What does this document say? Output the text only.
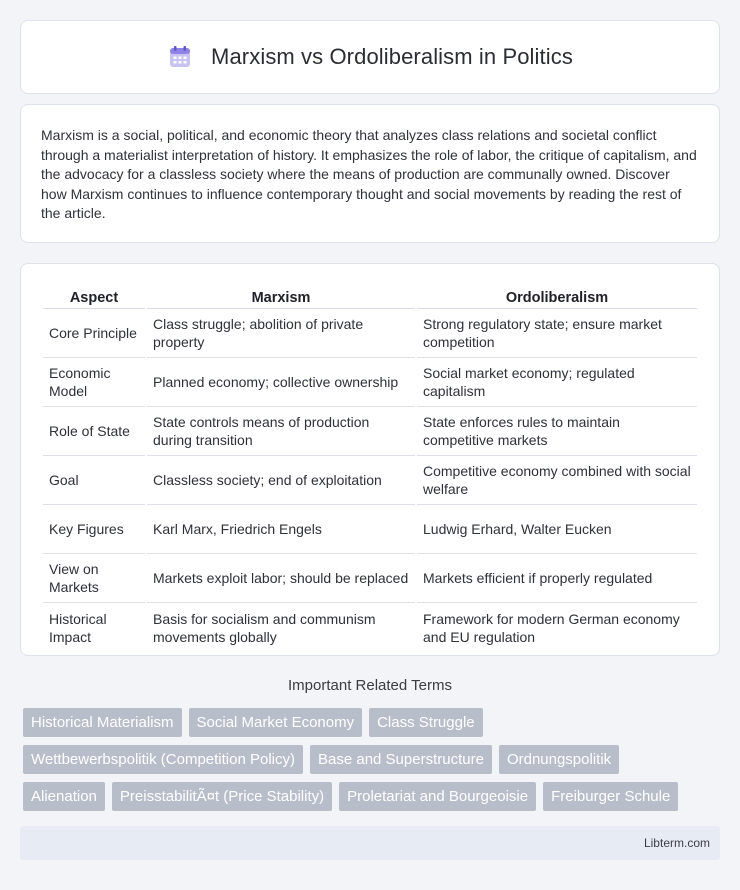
Marxism vs Ordoliberalism in Politics

Marxism is a social, political, and economic theory that analyzes class relations and societal conflict through a materialist interpretation of history. It emphasizes the role of labor, the critique of capitalism, and the advocacy for a classless society where the means of production are communally owned. Discover how Marxism continues to influence contemporary thought and social movements by reading the rest of the article.

Aspect	Marxism	Ordoliberalism
Core Principle	Class struggle; abolition of private property	Strong regulatory state; ensure market competition
Economic Model	Planned economy; collective ownership	Social market economy; regulated capitalism
Role of State	State controls means of production during transition	State enforces rules to maintain competitive markets
Goal	Classless society; end of exploitation	Competitive economy combined with social welfare
Key Figures	Karl Marx, Friedrich Engels	Ludwig Erhard, Walter Eucken
View on Markets	Markets exploit labor; should be replaced	Markets efficient if properly regulated
Historical Impact	Basis for socialism and communism movements globally	Framework for modern German economy and EU regulation
Important Related Terms
Historical Materialism	Social Market Economy	Class Struggle
Wettbewerbspolitik (Competition Policy)	Base and Superstructure	Ordnungspolitik
Alienation	PreisstabilitÃ¤t (Price Stability)	Proletariat and Bourgeoisie	Freiburger Schule
Libterm.com
